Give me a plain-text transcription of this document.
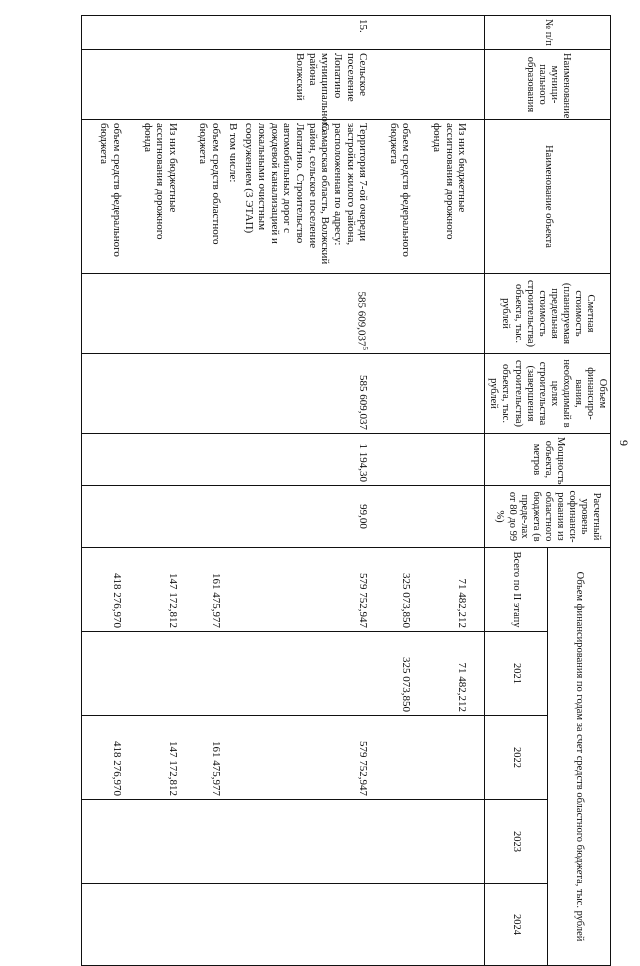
9
№ п/п	Наименование муници-пального образования	Наименование объекта	Сметная стоимость (планируемая предельная стоимость строительства) объекта, тыс. рублей	Объем финансиро-вания, необходимый в целях строительства (завершения строительства) объекта, тыс. рублей	Мощность объекта, метров	Расчетный уровень софинанси-рования из областного бюджета (в преде-лах от 80 до 99 %)	Объем финансирования по годам за счет средств областного бюджета, тыс. рублей				
							Всего по II этапу	2021	2022	2023	2024

		Из них бюджетные ассигнования дорожного фонда					71 482,212	71 482,212			

		объем средств федерального бюджета					325 073,850	325 073,850			

15.	Сельское поселение Лопатино муниципального района Волжский	Территория 7-ой очереди застройки жилого района, расположенная по адресу: Самарская область, Волжский район, сельское поселение Лопатино. Строительство автомобильных дорог с дождевой канализацией и локальными очистным сооружением (3 ЭТАП)	585 609,037$^5$	585 609,037	1 194,30	99,00	579 752,947		579 752,947		
		В том числе:									
		объем средств областного бюджета					161 475,977		161 475,977		

		Из них бюджетные ассигнования дорожного фонда					147 172,812		147 172,812		

		объем средств федерального бюджета					418 276,970		418 276,970		
